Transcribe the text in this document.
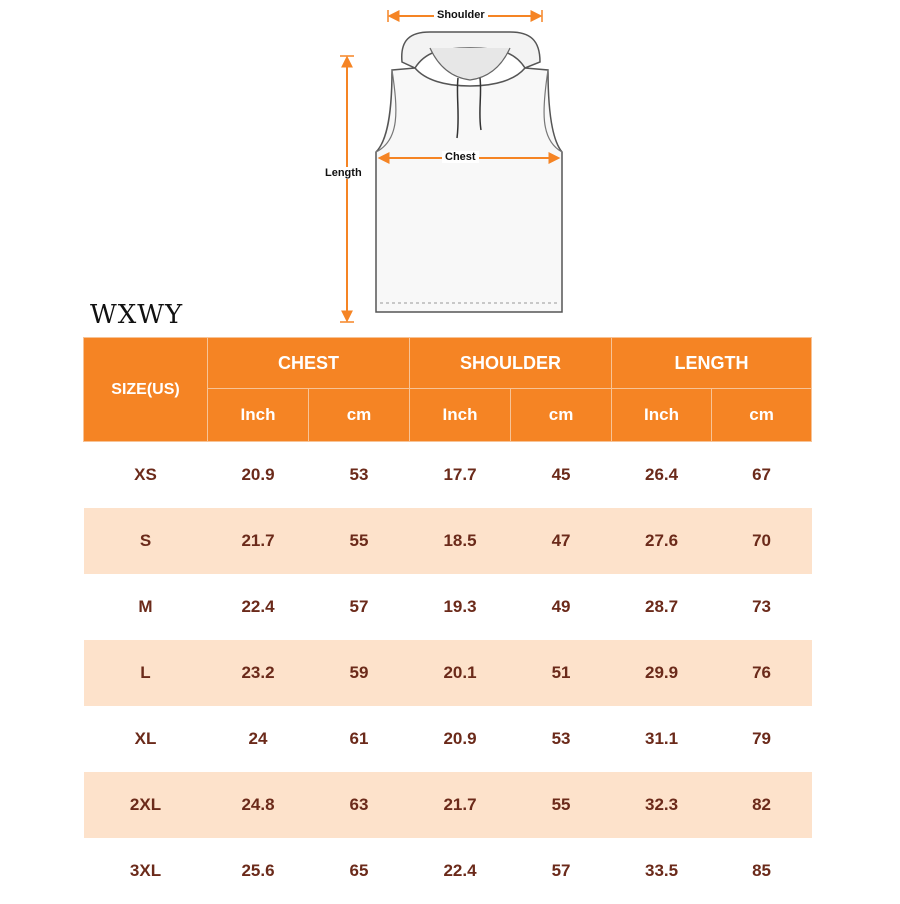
Shoulder
Chest
Length
WXWY
SIZE(US)	CHEST		SHOULDER		LENGTH	
	Inch	cm	Inch	cm	Inch	cm
XS	20.9	53	17.7	45	26.4	67
S	21.7	55	18.5	47	27.6	70
M	22.4	57	19.3	49	28.7	73
L	23.2	59	20.1	51	29.9	76
XL	24	61	20.9	53	31.1	79
2XL	24.8	63	21.7	55	32.3	82
3XL	25.6	65	22.4	57	33.5	85
